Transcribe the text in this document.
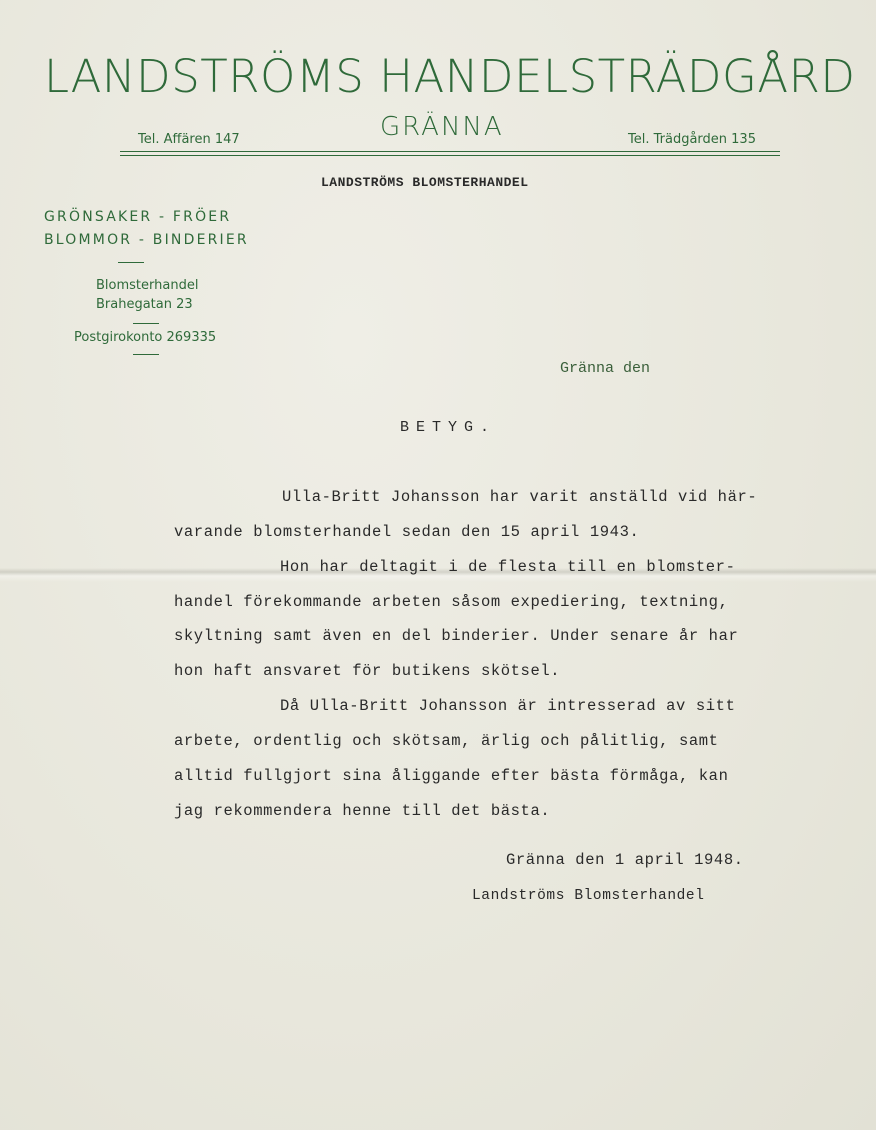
LANDSTRÖMS HANDELSTRÄDGÅRD
Tel. Affären 147	GRÄNNA	Tel. Trädgården 135
LANDSTRÖMS BLOMSTERHANDEL
GRÖNSAKER - FRÖER
BLOMMOR - BINDERIER
Blomsterhandel
Brahegatan 23
Postgirokonto 269335
Gränna den
BETYG.
Ulla-Britt Johansson har varit anställd vid här-
varande blomsterhandel sedan den 15 april 1943.
Hon har deltagit i de flesta till en blomster-
handel förekommande arbeten såsom expediering, textning,
skyltning samt även en del binderier. Under senare år har
hon haft ansvaret för butikens skötsel.
Då Ulla-Britt Johansson är intresserad av sitt
arbete, ordentlig och skötsam, ärlig och pålitlig, samt
alltid fullgjort sina åliggande efter bästa förmåga, kan
jag rekommendera henne till det bästa.
Gränna den 1 april 1948.
Landströms Blomsterhandel
